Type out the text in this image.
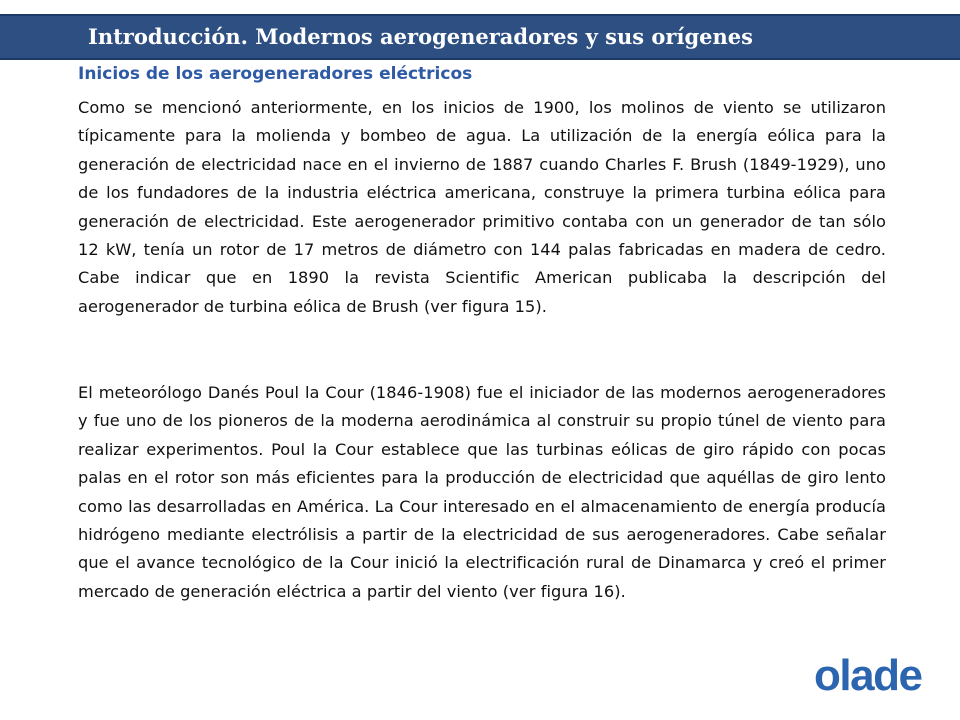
Introducción. Modernos aerogeneradores y sus orígenes
Inicios de los aerogeneradores eléctricos

Como se mencionó anteriormente, en los inicios de 1900, los molinos de viento se utilizaron típicamente para la molienda y bombeo de agua. La utilización de la energía eólica para la generación de electricidad nace en el invierno de 1887 cuando Charles F. Brush (1849-1929), uno de los fundadores de la industria eléctrica americana, construye la primera turbina eólica para generación de electricidad. Este aerogenerador primitivo contaba con un generador de tan sólo 12 kW, tenía un rotor de 17 metros de diámetro con 144 palas fabricadas en madera de cedro. Cabe indicar que en 1890 la revista Scientific American publicaba la descripción del aerogenerador de turbina eólica de Brush (ver figura 15).

El meteorólogo Danés Poul la Cour (1846-1908) fue el iniciador de las modernos aerogeneradores y fue uno de los pioneros de la moderna aerodinámica al construir su propio túnel de viento para realizar experimentos. Poul la Cour establece que las turbinas eólicas de giro rápido con pocas palas en el rotor son más eficientes para la producción de electricidad que aquéllas de giro lento como las desarrolladas en América. La Cour interesado en el almacenamiento de energía producía hidrógeno mediante electrólisis a partir de la electricidad de sus aerogeneradores. Cabe señalar que el avance tecnológico de la Cour inició la electrificación rural de Dinamarca y creó el primer mercado de generación eléctrica a partir del viento (ver figura 16).

olade
